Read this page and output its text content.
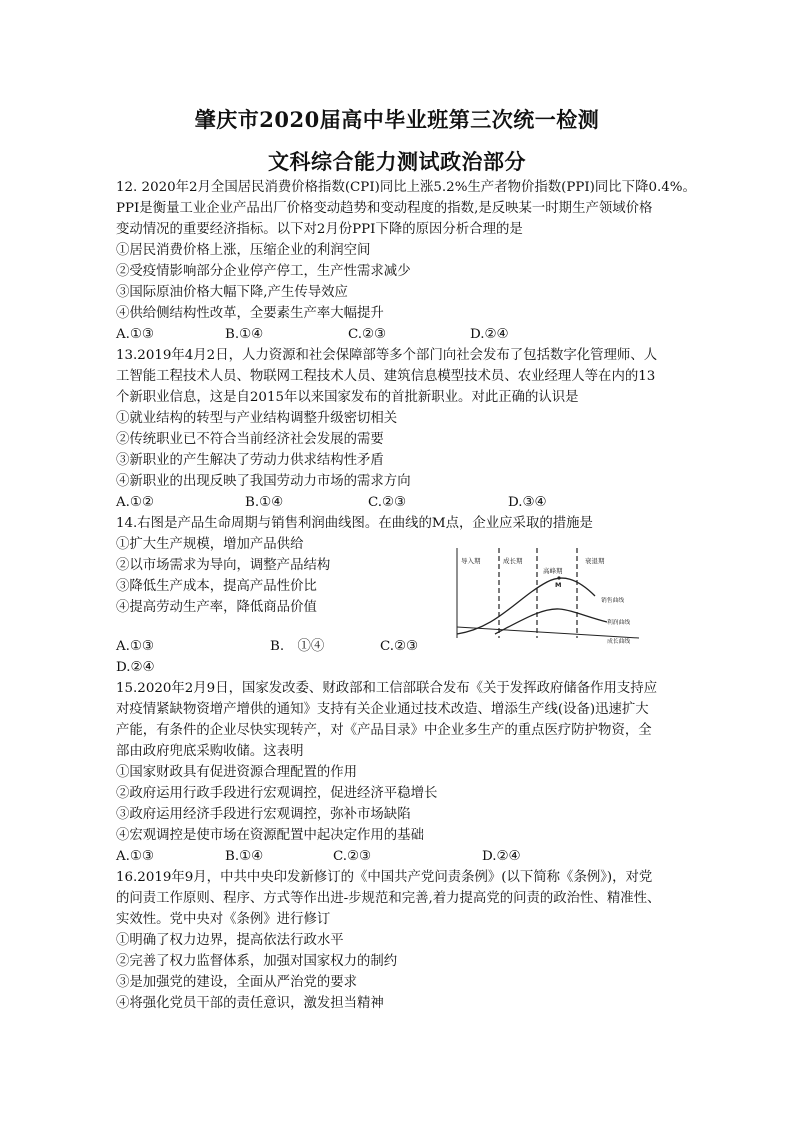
肇庆市2020届高中毕业班第三次统一检测
文科综合能力测试政治部分
12. 2020年2月全国居民消费价格指数(CPI)同比上涨5.2%生产者物价指数(PPI)同比下降0.4%。
PPI是衡量工业企业产品出厂价格变动趋势和变动程度的指数,是反映某一时期生产领域价格
变动情况的重要经济指标。以下对2月份PPI下降的原因分析合理的是
①居民消费价格上涨，压缩企业的利润空间
②受疫情影响部分企业停产停工，生产性需求减少
③国际原油价格大幅下降,产生传导效应
④供给侧结构性改革，全要素生产率大幅提升
A.①③	B.①④	C.②③	D.②④
13.2019年4月2日，人力资源和社会保障部等多个部门向社会发布了包括数字化管理师、人
工智能工程技术人员、物联网工程技术人员、建筑信息模型技术员、农业经理人等在内的13
个新职业信息，这是自2015年以来国家发布的首批新职业。对此正确的认识是
①就业结构的转型与产业结构调整升级密切相关
②传统职业已不符合当前经济社会发展的需要
③新职业的产生解决了劳动力供求结构性矛盾
④新职业的出现反映了我国劳动力市场的需求方向
A.①②	B.①④	C.②③	D.③④
14.右图是产品生命周期与销售利润曲线图。在曲线的M点，企业应采取的措施是
①扩大生产规模，增加产品供给
②以市场需求为导向，调整产品结构
③降低生产成本，提高产品性价比
④提高劳动生产率，降低商品价值
导入期	成长期
高峰期
衰退期
M
销售曲线
利润曲线
成长曲线
A.①③	B.　①④	C.②③
D.②④
15.2020年2月9日，国家发改委、财政部和工信部联合发布《关于发挥政府储备作用支持应
对疫情紧缺物资增产增供的通知》支持有关企业通过技术改造、增添生产线(设备)迅速扩大
产能，有条件的企业尽快实现转产，对《产品目录》中企业多生产的重点医疗防护物资，全
部由政府兜底采购收储。这表明
①国家财政具有促进资源合理配置的作用
②政府运用行政手段进行宏观调控，促进经济平稳增长
③政府运用经济手段进行宏观调控，弥补市场缺陷
④宏观调控是使市场在资源配置中起决定作用的基础
A.①③	B.①④	C.②③	D.②④
16.2019年9月，中共中央印发新修订的《中国共产党问责条例》(以下简称《条例》)，对党
的问责工作原则、程序、方式等作出进-步规范和完善,着力提高党的问责的政治性、精准性、
实效性。党中央对《条例》进行修订
①明确了权力边界，提高依法行政水平
②完善了权力监督体系，加强对国家权力的制约
③是加强党的建设，全面从严治党的要求
④将强化党员干部的责任意识，激发担当精神
